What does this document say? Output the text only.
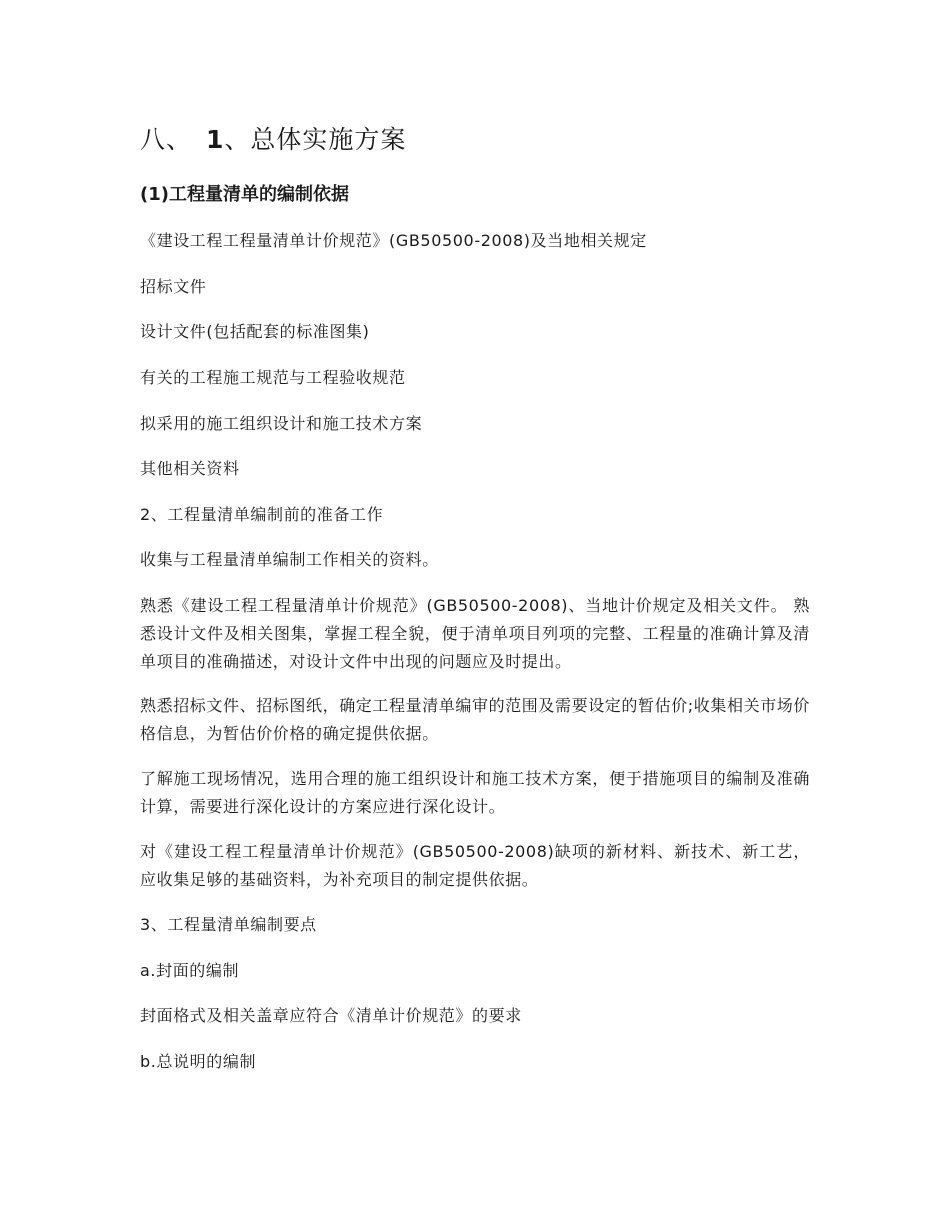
八、 1、总体实施方案
(1)工程量清单的编制依据

《建设工程工程量清单计价规范》(GB50500-2008)及当地相关规定

招标文件

设计文件(包括配套的标准图集)

有关的工程施工规范与工程验收规范

拟采用的施工组织设计和施工技术方案

其他相关资料

2、工程量清单编制前的准备工作

收集与工程量清单编制工作相关的资料。

熟悉《建设工程工程量清单计价规范》(GB50500-2008)、当地计价规定及相关文件。 熟悉设计文件及相关图集，掌握工程全貌，便于清单项目列项的完整、工程量的准确计算及清单项目的准确描述，对设计文件中出现的问题应及时提出。

熟悉招标文件、招标图纸，确定工程量清单编审的范围及需要设定的暂估价;收集相关市场价格信息，为暂估价价格的确定提供依据。

了解施工现场情况，选用合理的施工组织设计和施工技术方案，便于措施项目的编制及准确计算，需要进行深化设计的方案应进行深化设计。

对《建设工程工程量清单计价规范》(GB50500-2008)缺项的新材料、新技术、新工艺，应收集足够的基础资料，为补充项目的制定提供依据。

3、工程量清单编制要点

a.封面的编制

封面格式及相关盖章应符合《清单计价规范》的要求

b.总说明的编制
